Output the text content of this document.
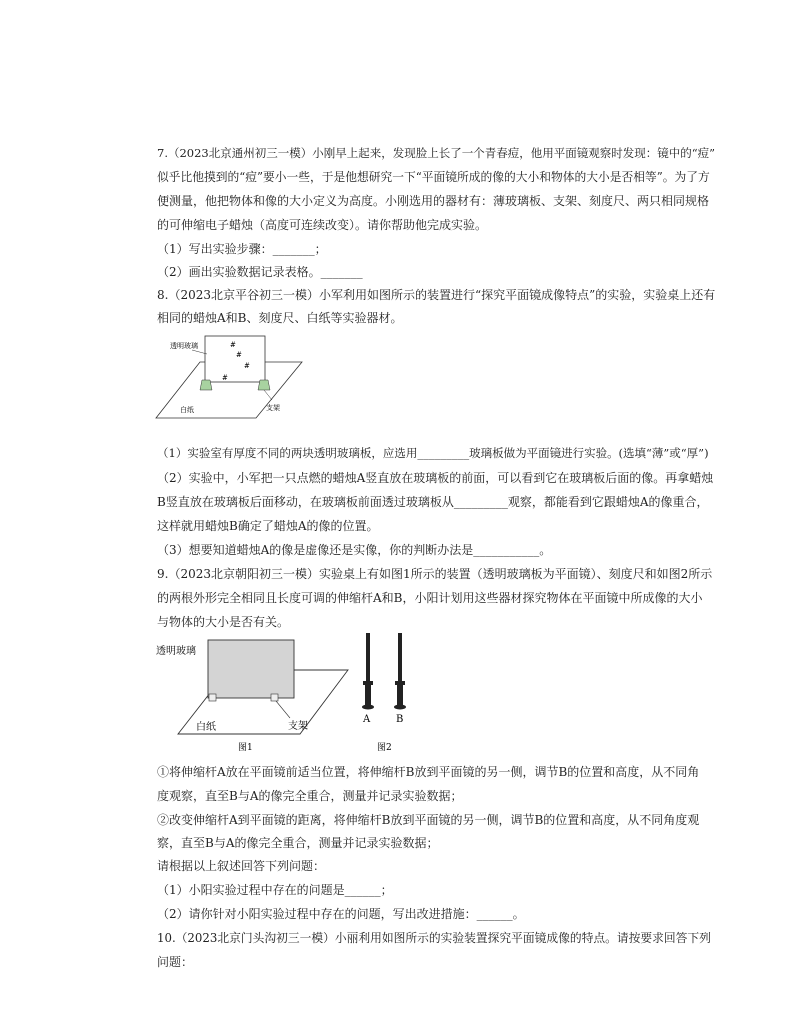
7.（2023北京通州初三一模）小刚早上起来，发现脸上长了一个青春痘，他用平面镜观察时发现：镜中的“痘”
似乎比他摸到的“痘”要小一些，于是他想研究一下“平面镜所成的像的大小和物体的大小是否相等”。为了方
便测量，他把物体和像的大小定义为高度。小刚选用的器材有：薄玻璃板、支架、刻度尺、两只相同规格
的可伸缩电子蜡烛（高度可连续改变）。请你帮助他完成实验。
（1）写出实验步骤：_______；
（2）画出实验数据记录表格。_______
8.（2023北京平谷初三一模）小军利用如图所示的装置进行“探究平面镜成像特点”的实验，实验桌上还有
相同的蜡烛A和B、刻度尺、白纸等实验器材。
#
#
#
#
透明玻璃
支架
白纸
（1）实验室有厚度不同的两块透明玻璃板，应选用_________玻璃板做为平面镜进行实验。(选填“薄”或“厚”)
（2）实验中，小军把一只点燃的蜡烛A竖直放在玻璃板的前面，可以看到它在玻璃板后面的像。再拿蜡烛
B竖直放在玻璃板后面移动，在玻璃板前面透过玻璃板从_________观察，都能看到它跟蜡烛A的像重合，
这样就用蜡烛B确定了蜡烛A的像的位置。
（3）想要知道蜡烛A的像是虚像还是实像，你的判断办法是___________。
9.（2023北京朝阳初三一模）实验桌上有如图1所示的装置（透明玻璃板为平面镜）、刻度尺和如图2所示
的两根外形完全相同且长度可调的伸缩杆A和B，小阳计划用这些器材探究物体在平面镜中所成像的大小
与物体的大小是否有关。
透明玻璃
白纸	支架
图1
A	B
图2
①将伸缩杆A放在平面镜前适当位置，将伸缩杆B放到平面镜的另一侧，调节B的位置和高度，从不同角
度观察，直至B与A的像完全重合，测量并记录实验数据；
②改变伸缩杆A到平面镜的距离，将伸缩杆B放到平面镜的另一侧，调节B的位置和高度，从不同角度观
察，直至B与A的像完全重合，测量并记录实验数据；
请根据以上叙述回答下列问题：
（1）小阳实验过程中存在的问题是______；
（2）请你针对小阳实验过程中存在的问题，写出改进措施：______。
10.（2023北京门头沟初三一模）小丽利用如图所示的实验装置探究平面镜成像的特点。请按要求回答下列
问题：
